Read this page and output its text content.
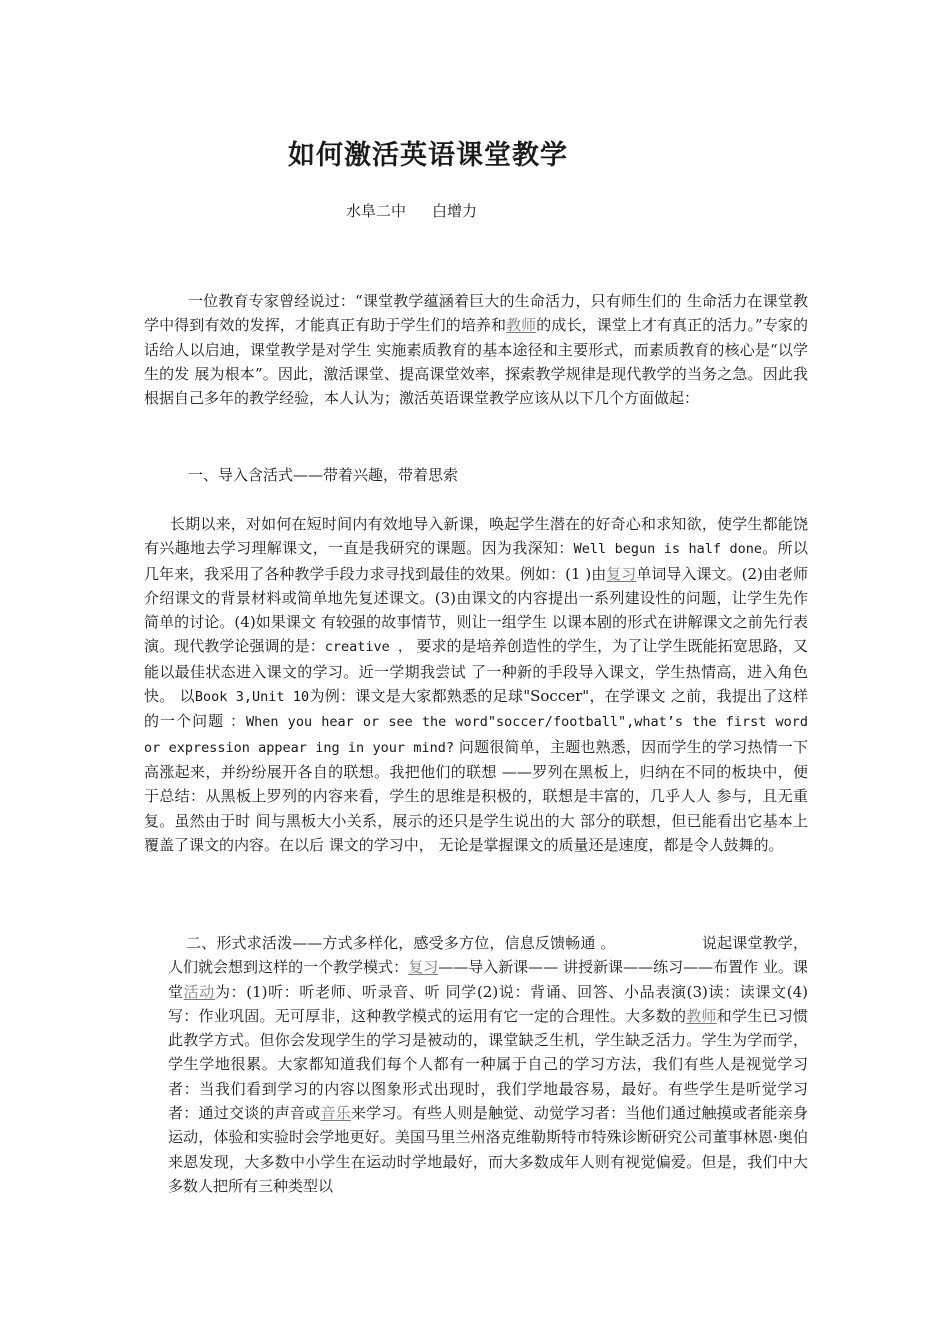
如何激活英语课堂教学
水阜二中 白增力

一位教育专家曾经说过：“课堂教学蕴涵着巨大的生命活力，只有师生们的 生命活力在课堂教学中得到有效的发挥，才能真正有助于学生们的培养和教师的成长，课堂上才有真正的活力。”专家的话给人以启迪，课堂教学是对学生 实施素质教育的基本途径和主要形式，而素质教育的核心是“以学生的发 展为根本”。因此，激活课堂、提高课堂效率，探索教学规律是现代教学的当务之急。因此我根据自己多年的教学经验，本人认为；激活英语课堂教学应该从以下几个方面做起：

一、导入含活式——带着兴趣，带着思索

长期以来，对如何在短时间内有效地导入新课，唤起学生潜在的好奇心和求知欲，使学生都能饶有兴趣地去学习理解课文，一直是我研究的课题。因为我深知：Well begun is half done。所以几年来，我采用了各种教学手段力求寻找到最佳的效果。例如：(1 )由复习单词导入课文。(2)由老师介绍课文的背景材料或简单地先复述课文。(3)由课文的内容提出一系列建设性的问题，让学生先作简单的讨论。(4)如果课文 有较强的故事情节，则让一组学生 以课本剧的形式在讲解课文之前先行表演。现代教学论强调的是：creative ， 要求的是培养创造性的学生，为了让学生既能拓宽思路，又能以最佳状态进入课文的学习。近一学期我尝试 了一种新的手段导入课文，学生热情高，进入角色 快。 以Book 3,Unit 10为例：课文是大家都熟悉的足球"Soccer"，在学课文 之前，我提出了这样的一个问题 ：When you hear or see the word"soccer/football",what’s the first word or expression appear ing in your mind? 问题很简单，主题也熟悉，因而学生的学习热情一下高涨起来，并纷纷展开各自的联想。我把他们的联想 ——罗列在黑板上，归纳在不同的板块中，便于总结：从黑板上罗列的内容来看，学生的思维是积极的，联想是丰富的，几乎人人 参与，且无重复。虽然由于时 间与黑板大小关系，展示的还只是学生说出的大 部分的联想，但已能看出它基本上覆盖了课文的内容。在以后 课文的学习中， 无论是掌握课文的质量还是速度，都是令人鼓舞的。

二、形式求活泼——方式多样化，感受多方位，信息反馈畅通 。	说起课堂教学，人们就会想到这样的一个教学模式：复习——导入新课—— 讲授新课——练习——布置作 业。课堂活动为：(1)听：听老师、听录音、听 同学(2)说：背诵、回答、小品表演(3)读：读课文(4) 写：作业巩固。无可厚非，这种教学模式的运用有它一定的合理性。大多数的教师和学生已习惯 此教学方式。但你会发现学生的学习是被动的，课堂缺乏生机，学生缺乏活力。学生为学而学，学生学地很累。大家都知道我们每个人都有一种属于自己的学习方法，我们有些人是视觉学习者：当我们看到学习的内容以图象形式出现时，我们学地最容易，最好。有些学生是听觉学习者：通过交谈的声音或音乐来学习。有些人则是触觉、动觉学习者：当他们通过触摸或者能亲身运动，体验和实验时会学地更好。美国马里兰州洛克维勒斯特市特殊诊断研究公司董事林恩·奥伯来恩发现，大多数中小学生在运动时学地最好，而大多数成年人则有视觉偏爱。但是，我们中大多数人把所有三种类型以
